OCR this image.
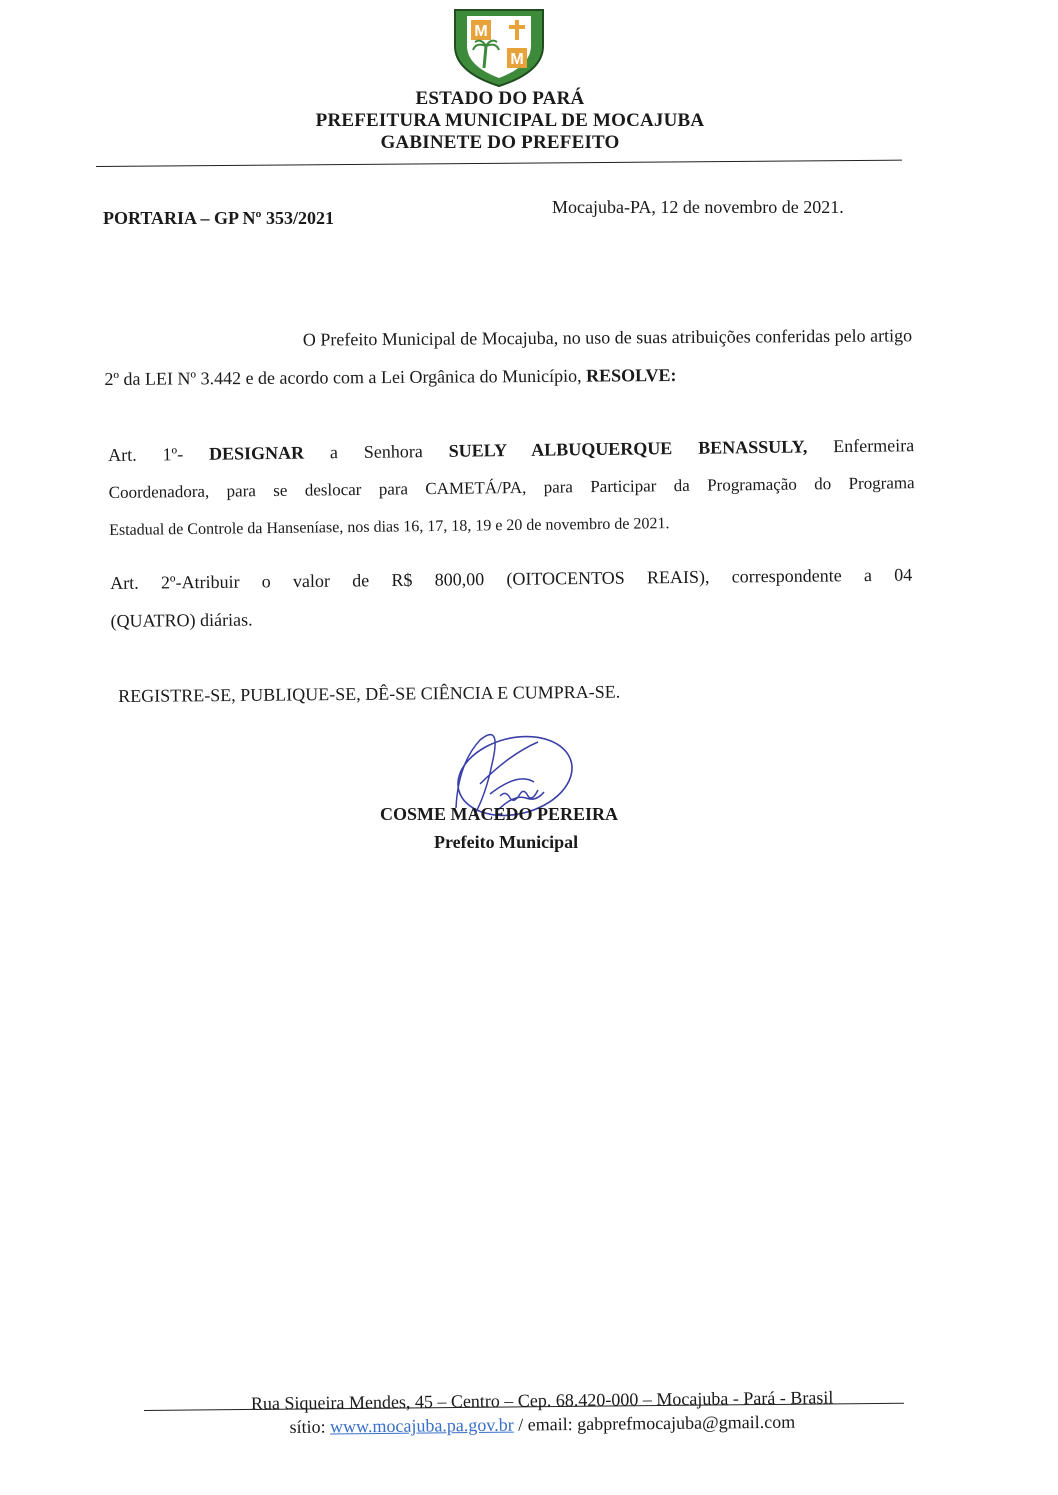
M
M
ESTADO DO PARÁ
PREFEITURA MUNICIPAL DE MOCAJUBA
GABINETE DO PREFEITO
PORTARIA – GP Nº 353/2021
Mocajuba-PA, 12 de novembro de 2021.
O Prefeito Municipal de Mocajuba, no uso de suas atribuições conferidas pelo artigo
2º da LEI Nº 3.442 e de acordo com a Lei Orgânica do Município, RESOLVE:
Art. 1º- DESIGNAR a Senhora SUELY ALBUQUERQUE BENASSULY, Enfermeira
Coordenadora, para se deslocar para CAMETÁ/PA, para Participar da Programação do Programa
Estadual de Controle da Hanseníase, nos dias 16, 17, 18, 19 e 20 de novembro de 2021.
Art. 2º-Atribuir o valor de R$ 800,00 (OITOCENTOS REAIS), correspondente a 04
(QUATRO) diárias.
REGISTRE-SE, PUBLIQUE-SE, DÊ-SE CIÊNCIA E CUMPRA-SE.
COSME MACEDO PEREIRA
Prefeito Municipal
Rua Siqueira Mendes, 45 – Centro – Cep. 68.420-000 – Mocajuba - Pará - Brasil
sítio: www.mocajuba.pa.gov.br / email: gabprefmocajuba@gmail.com
